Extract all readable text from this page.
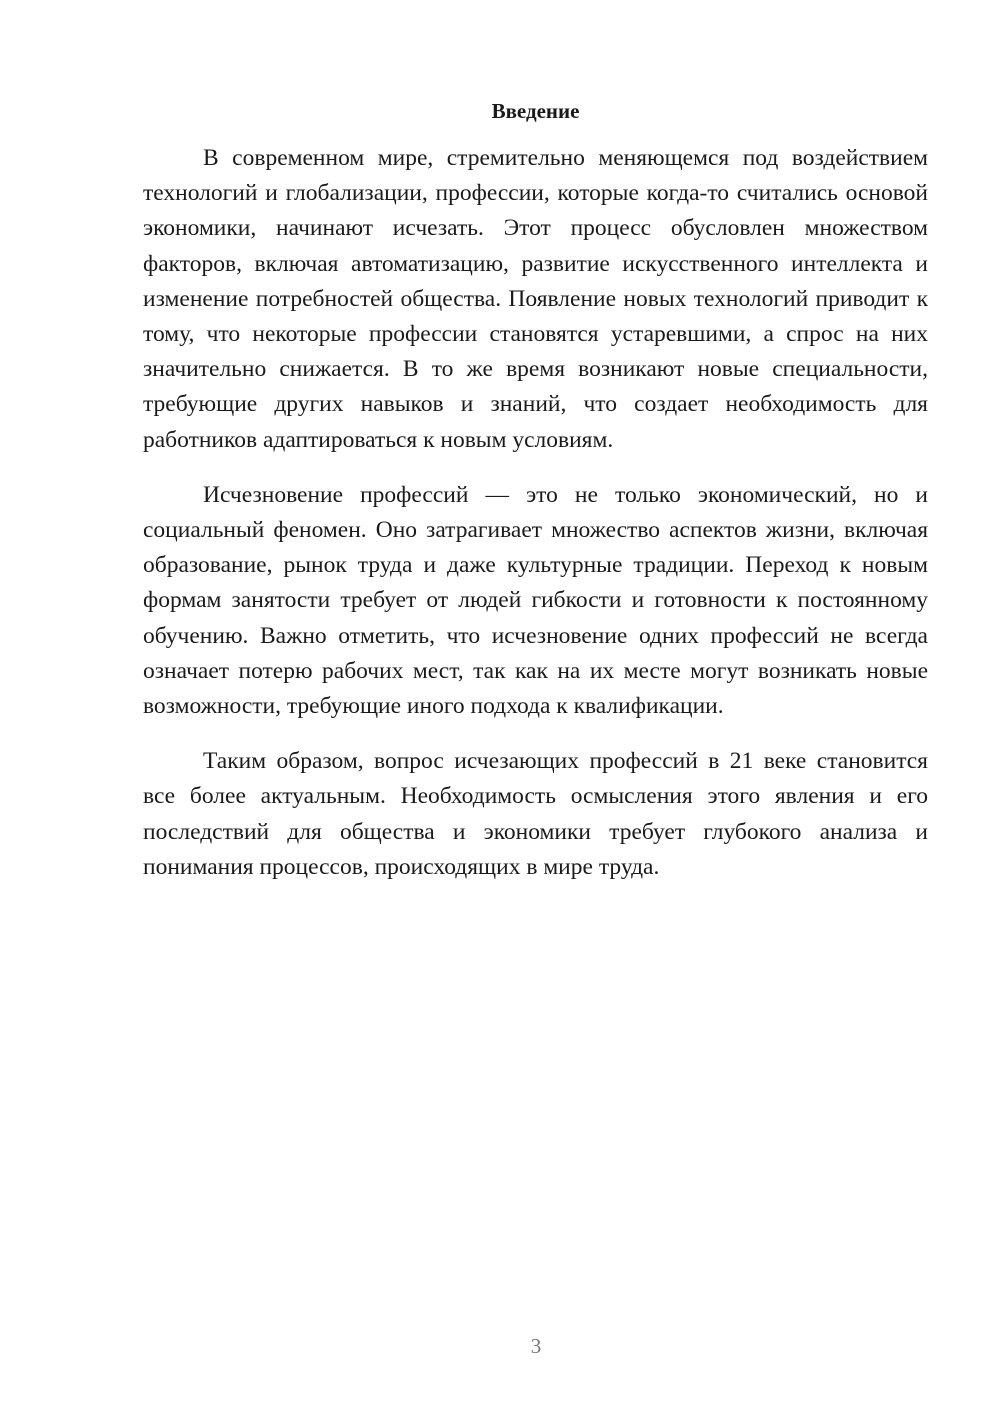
Введение

В современном мире, стремительно меняющемся под воздействием технологий и глобализации, профессии, которые когда-то считались основой экономики, начинают исчезать. Этот процесс обусловлен множеством факторов, включая автоматизацию, развитие искусственного интеллекта и изменение потребностей общества. Появление новых технологий приводит к тому, что некоторые профессии становятся устаревшими, а спрос на них значительно снижается. В то же время возникают новые специальности, требующие других навыков и знаний, что создает необходимость для работников адаптироваться к новым условиям.

Исчезновение профессий — это не только экономический, но и социальный феномен. Оно затрагивает множество аспектов жизни, включая образование, рынок труда и даже культурные традиции. Переход к новым формам занятости требует от людей гибкости и готовности к постоянному обучению. Важно отметить, что исчезновение одних профессий не всегда означает потерю рабочих мест, так как на их месте могут возникать новые возможности, требующие иного подхода к квалификации.

Таким образом, вопрос исчезающих профессий в 21 веке становится все более актуальным. Необходимость осмысления этого явления и его последствий для общества и экономики требует глубокого анализа и понимания процессов, происходящих в мире труда.

3
